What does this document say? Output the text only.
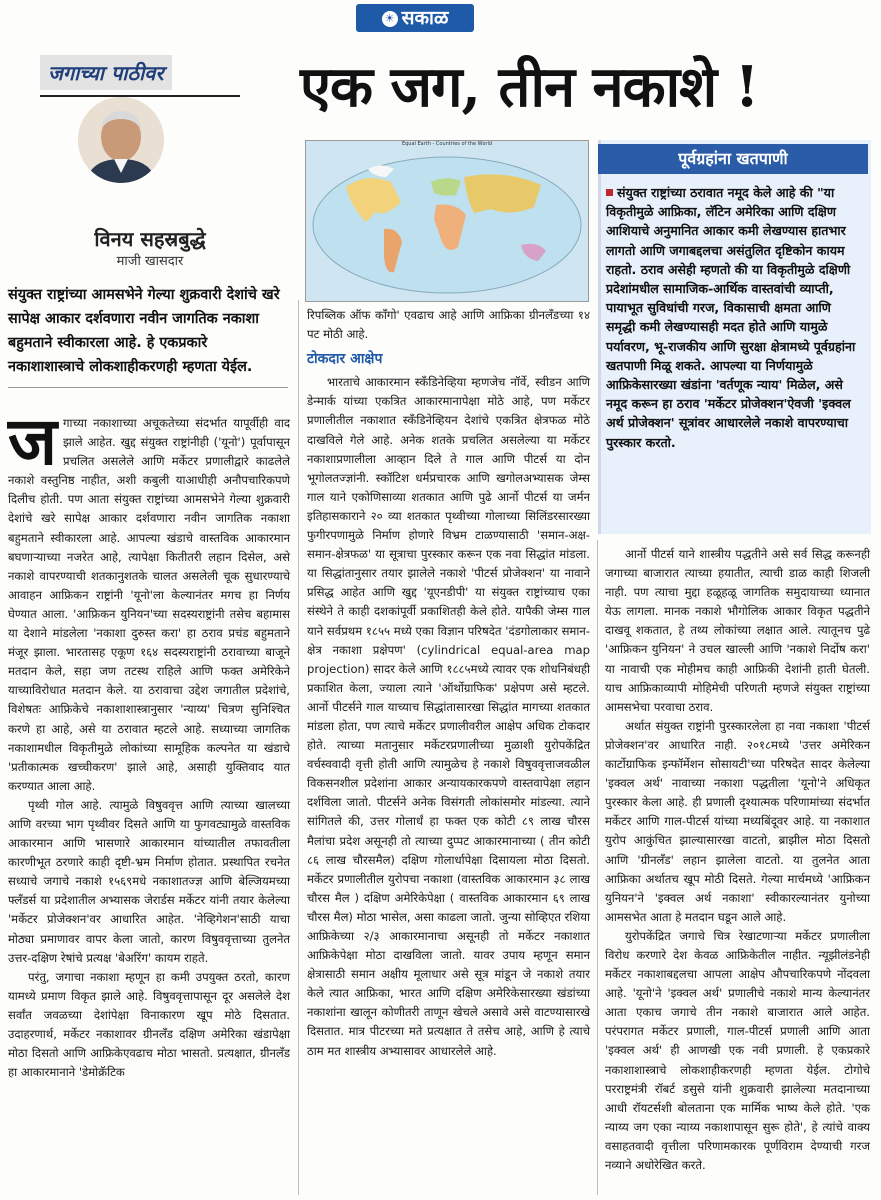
☀ सकाळ
जगाच्या पाठीवर	एक जग, तीन नकाशे !
विनय सहस्रबुद्धे
माजी खासदार
संयुक्त राष्ट्रांच्या आमसभेने गेल्या शुक्रवारी देशांचे खरे सापेक्ष आकार दर्शवणारा नवीन जागतिक नकाशा बहुमताने स्वीकारला आहे. हे एकप्रकारे नकाशाशास्त्राचे लोकशाहीकरणही म्हणता येईल.
Equal Earth - Countries of the World
पूर्वग्रहांना खतपाणी
संयुक्त राष्ट्रांच्या ठरावात नमूद केले आहे की "या विकृतीमुळे आफ्रिका, लॅटिन अमेरिका आणि दक्षिण आशियाचे अनुमानित आकार कमी लेखण्यास हातभार लागतो आणि जगाबद्दलचा असंतुलित दृष्टिकोन कायम राहतो. ठराव असेही म्हणतो की या विकृतीमुळे दक्षिणी प्रदेशांमधील सामाजिक-आर्थिक वास्तवांची व्याप्ती, पायाभूत सुविधांची गरज, विकासाची क्षमता आणि समृद्धी कमी लेखण्यासही मदत होते आणि यामुळे पर्यावरण, भू-राजकीय आणि सुरक्षा क्षेत्रामध्ये पूर्वग्रहांना खतपाणी मिळू शकते. आपल्या या निर्णयामुळे आफ्रिकेसारख्या खंडांना 'वर्तणूक न्याय' मिळेल, असे नमूद करून हा ठराव 'मर्केटर प्रोजेक्शन'ऐवजी 'इक्वल अर्थ प्रोजेक्शन' सूत्रांवर आधारलेले नकाशे वापरण्याचा पुरस्कार करतो.

जगाच्या नकाशाच्या अचूकतेच्या संदर्भात यापूर्वीही वाद झाले आहेत. खुद्द संयुक्त राष्ट्रांनीही ('यूनो') पूर्वापासून प्रचलित असलेले आणि मर्केटर प्रणालीद्वारे काढलेले नकाशे वस्तुनिष्ठ नाहीत, अशी कबुली याआधीही अनौपचारिकपणे दिलीच होती. पण आता संयुक्त राष्ट्रांच्या आमसभेने गेल्या शुक्रवारी देशांचे खरे सापेक्ष आकार दर्शवणारा नवीन जागतिक नकाशा बहुमताने स्वीकारला आहे. आपल्या खंडाचे वास्तविक आकारमान बघणाऱ्याच्या नजरेत आहे, त्यापेक्षा कितीतरी लहान दिसेल, असे नकाशे वापरण्याची शतकानुशतके चालत असलेली चूक सुधारण्याचे आवाहन आफ्रिकन राष्ट्रांनी 'यूनो'ला केल्यानंतर मगच हा निर्णय घेण्यात आला. 'आफ्रिकन युनियन'च्या सदस्यराष्ट्रांनी तसेच बहामास या देशाने मांडलेला 'नकाशा दुरुस्त करा' हा ठराव प्रचंड बहुमताने मंजूर झाला. भारतासह एकूण १६४ सदस्यराष्ट्रांनी ठरावाच्या बाजूने मतदान केले, सहा जण तटस्थ राहिले आणि फक्त अमेरिकेने याच्याविरोधात मतदान केले. या ठरावाचा उद्देश जगातील प्रदेशांचे, विशेषतः आफ्रिकेचे नकाशाशास्त्रानुसार 'न्याय्य' चित्रण सुनिश्चित करणे हा आहे, असे या ठरावात म्हटले आहे. सध्याच्या जागतिक नकाशामधील विकृतीमुळे लोकांच्या सामूहिक कल्पनेत या खंडाचे 'प्रतीकात्मक खच्चीकरण' झाले आहे, असाही युक्तिवाद यात करण्यात आला आहे.

पृथ्वी गोल आहे. त्यामुळे विषुववृत्त आणि त्याच्या खालच्या आणि वरच्या भाग पृथ्वीवर दिसते आणि या फुगवट्यामुळे वास्तविक आकारमान आणि भासणारे आकारमान यांच्यातील तफावतीला कारणीभूत ठरणारे काही दृष्टी-भ्रम निर्माण होतात. प्रस्थापित रचनेत सध्याचे जगाचे नकाशे १५६९मधे नकाशातज्ज्ञ आणि बेल्जियमच्या फ्लँडर्स या प्रदेशातील अभ्यासक जेरार्डस मर्केटर यांनी तयार केलेल्या 'मर्केटर प्रोजेक्शन'वर आधारित आहेत. 'नेव्हिगेशन'साठी याचा मोठ्या प्रमाणावर वापर केला जातो, कारण विषुववृत्ताच्या तुलनेत उत्तर-दक्षिण रेषांचे प्रत्यक्ष 'बेअरिंग' कायम राहते.

परंतु, जगाचा नकाशा म्हणून हा कमी उपयुक्त ठरतो, कारण यामध्ये प्रमाण विकृत झाले आहे. विषुववृत्तापासून दूर असलेले देश सर्वांत जवळच्या देशांपेक्षा विनाकारण खूप मोठे दिसतात. उदाहरणार्थ, मर्केटर नकाशावर ग्रीनलँड दक्षिण अमेरिका खंडापेक्षा मोठा दिसतो आणि आफ्रिकेएवढाच मोठा भासतो. प्रत्यक्षात, ग्रीनलँड हा आकारमानाने 'डेमोक्रॅटिक

रिपब्लिक ऑफ काँगो' एवढाच आहे आणि आफ्रिका ग्रीनलँडच्या १४ पट मोठी आहे.

टोकदार आक्षेप

भारताचे आकारमान स्कँडिनेव्हिया म्हणजेच नॉर्वे, स्वीडन आणि डेन्मार्क यांच्या एकत्रित आकारमानापेक्षा मोठे आहे, पण मर्केटर प्रणालीतील नकाशात स्कँडिनेव्हियन देशांचे एकत्रित क्षेत्रफळ मोठे दाखविले गेले आहे. अनेक शतके प्रचलित असलेल्या या मर्केटर नकाशाप्रणालीला आव्हान दिले ते गाल आणि पीटर्स या दोन भूगोलतज्ज्ञांनी. स्कॉटिश धर्मप्रचारक आणि खगोलअभ्यासक जेम्स गाल याने एकोणिसाव्या शतकात आणि पुढे आर्नो पीटर्स या जर्मन इतिहासकाराने २० व्या शतकात पृथ्वीच्या गोलाच्या सिलिंडरसारख्या फुगीरपणामुळे निर्माण होणारे विभ्रम टाळण्यासाठी 'समान-अक्ष-समान-क्षेत्रफळ' या सूत्राचा पुरस्कार करून एक नवा सिद्धांत मांडला. या सिद्धांतानुसार तयार झालेले नकाशे 'पीटर्स प्रोजेक्शन' या नावाने प्रसिद्ध आहेत आणि खुद्द 'यूएनडीपी' या संयुक्त राष्ट्रांच्याच एका संस्थेने ते काही दशकांपूर्वी प्रकाशितही केले होते. यापैकी जेम्स गाल याने सर्वप्रथम १८५५ मध्ये एका विज्ञान परिषदेत 'दंडगोलाकार समान-क्षेत्र नकाशा प्रक्षेपण' (cylindrical equal-area map projection) सादर केले आणि १८८५मध्ये त्यावर एक शोधनिबंधही प्रकाशित केला, ज्याला त्याने 'ऑर्थोग्राफिक' प्रक्षेपण असे म्हटले. आर्नो पीटर्सने गाल याच्याच सिद्धांतासारखा सिद्धांत मागच्या शतकात मांडला होता, पण त्याचे मर्केटर प्रणालीवरील आक्षेप अधिक टोकदार होते. त्याच्या मतानुसार मर्केटरप्रणालीच्या मुळाशी युरोपकेंद्रित वर्चस्ववादी वृत्ती होती आणि त्यामुळेच हे नकाशे विषुववृत्ताजवळील विकसनशील प्रदेशांना आकार अन्यायकारकपणे वास्तवापेक्षा लहान दर्शविला जातो. पीटर्सने अनेक विसंगती लोकांसमोर मांडल्या. त्याने सांगितले की, उत्तर गोलार्धं हा फक्त एक कोटी ८९ लाख चौरस मैलांचा प्रदेश असूनही तो त्याच्या दुप्पट आकारमानाच्या ( तीन कोटी ८६ लाख चौरसमैल) दक्षिण गोलार्धापेक्षा दिसायला मोठा दिसतो. मर्केटर प्रणालीतील युरोपचा नकाशा (वास्तविक आकारमान ३८ लाख चौरस मैल ) दक्षिण अमेरिकेपेक्षा ( वास्तविक आकारमान ६९ लाख चौरस मैल) मोठा भासेल, असा काढला जातो. जुन्या सोव्हिएत रशिया आफ्रिकेच्या २/३ आकारमानाचा असूनही तो मर्केटर नकाशात आफ्रिकेपेक्षा मोठा दाखविला जातो. यावर उपाय म्हणून समान क्षेत्रासाठी समान अक्षीय मूलाधार असे सूत्र मांडून जे नकाशे तयार केले त्यात आफ्रिका, भारत आणि दक्षिण अमेरिकेसारख्या खंडांच्या नकाशांना खालून कोणीतरी ताणून खेचले असावे असे वाटण्यासारखे दिसतात. मात्र पीटरच्या मते प्रत्यक्षात ते तसेच आहे, आणि हे त्याचे ठाम मत शास्त्रीय अभ्यासावर आधारलेले आहे.

आर्नो पीटर्स याने शास्त्रीय पद्धतीने असे सर्व सिद्ध करूनही जगाच्या बाजारात त्याच्या हयातीत, त्याची डाळ काही शिजली नाही. पण त्याचा मुद्दा हळूहळू जागतिक समुदायाच्या ध्यानात येऊ लागला. मानक नकाशे भौगोलिक आकार विकृत पद्धतीने दाखवू शकतात, हे तथ्य लोकांच्या लक्षात आले. त्यातूनच पुढे 'आफ्रिकन युनियन' ने उचल खाल्ली आणि 'नकाशे निर्दोष करा' या नावाची एक मोहीमच काही आफ्रिकी देशांनी हाती घेतली. याच आफ्रिकाव्यापी मोहिमेची परिणती म्हणजे संयुक्त राष्ट्रांच्या आमसभेचा परवाचा ठराव.

अर्थात संयुक्त राष्ट्रांनी पुरस्कारलेला हा नवा नकाशा 'पीटर्स प्रोजेक्शन'वर आधारित नाही. २०१८मध्ये 'उत्तर अमेरिकन कार्टोग्राफिक इन्फॉर्मेशन सोसायटी'च्या परिषदेत सादर केलेल्या 'इक्वल अर्थ' नावाच्या नकाशा पद्धतीला 'यूनो'ने अधिकृत पुरस्कार केला आहे. ही प्रणाली दृश्यात्मक परिणामांच्या संदर्भात मर्केटर आणि गाल-पीटर्स यांच्या मध्यबिंदूवर आहे. या नकाशात युरोप आकुंचित झाल्यासारखा वाटतो, ब्राझील मोठा दिसतो आणि 'ग्रीनलँड' लहान झालेला वाटतो. या तुलनेत आता आफ्रिका अर्थातच खूप मोठी दिसते. गेल्या मार्चमध्ये 'आफ्रिकन युनियन'ने 'इक्वल अर्थ नकाशा' स्वीकारल्यानंतर युनोच्या आमसभेत आता हे मतदान घडून आले आहे.

युरोपकेंद्रित जगाचे चित्र रेखाटणाऱ्या मर्केटर प्रणालीला विरोध करणारे देश केवळ आफ्रिकेतील नाहीत. न्यूझीलंडनेही मर्केटर नकाशाबद्दलचा आपला आक्षेप औपचारिकपणे नोंदवला आहे. 'यूनो'ने 'इक्वल अर्थ' प्रणालीचे नकाशे मान्य केल्यानंतर आता एकाच जगाचे तीन नकाशे बाजारात आले आहेत. परंपरागत मर्केटर प्रणाली, गाल-पीटर्स प्रणाली आणि आता 'इक्वल अर्थ' ही आणखी एक नवी प्रणाली. हे एकप्रकारे नकाशाशास्त्राचे लोकशाहीकरणही म्हणता येईल. टोगोचे परराष्ट्रमंत्री रॉबर्ट डसुसे यांनी शुक्रवारी झालेल्या मतदानाच्या आधी रॉयटर्सशी बोलताना एक मार्मिक भाष्य केले होते. 'एक न्याय्य जग एका न्याय्य नकाशापासून सुरू होते', हे त्यांचे वाक्य वसाहतवादी वृत्तीला परिणामकारक पूर्णविराम देण्याची गरज नव्याने अधोरेखित करते.
